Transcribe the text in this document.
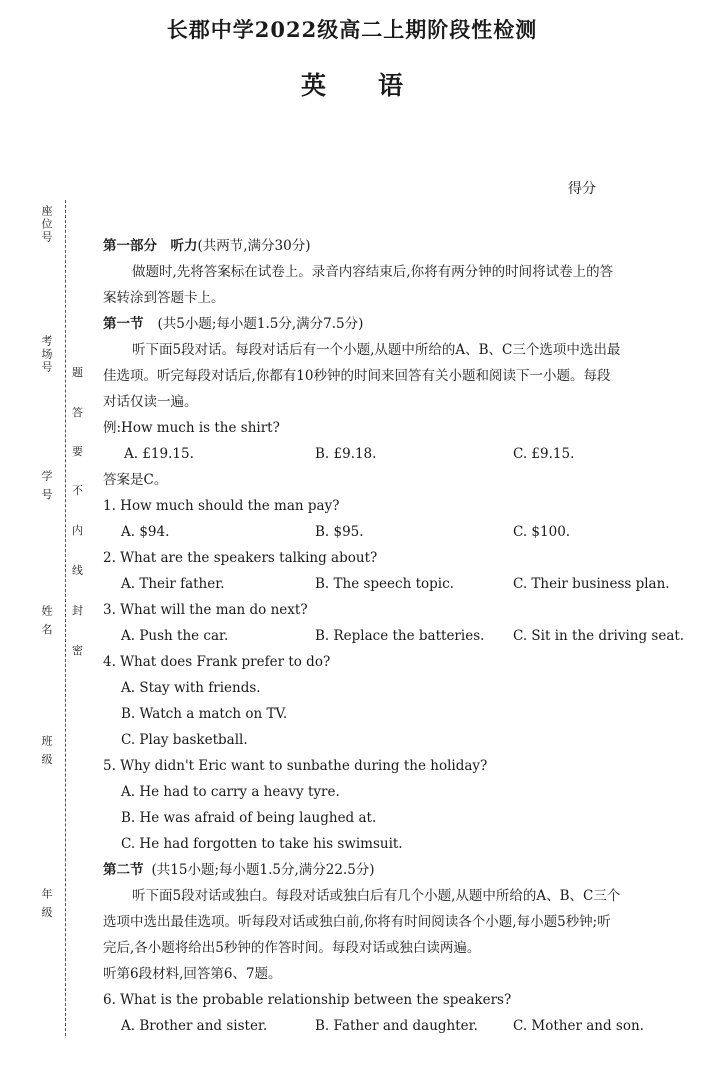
长郡中学2022级高二上期阶段性检测
英 语
得分
座位号
考场号
学 号
姓 名
班 级
年 级
题
答
要
不
内
线
封
密
第一部分　听力(共两节,满分30分)
做题时,先将答案标在试卷上。录音内容结束后,你将有两分钟的时间将试卷上的答
案转涂到答题卡上。
第一节 (共5小题;每小题1.5分,满分7.5分)
听下面5段对话。每段对话后有一个小题,从题中所给的A、B、C三个选项中选出最
佳选项。听完每段对话后,你都有10秒钟的时间来回答有关小题和阅读下一小题。每段
对话仅读一遍。
例:How much is the shirt?
A. £19.15.	B. £9.18.	C. £9.15.
答案是C。
1. How much should the man pay?
A. $94.	B. $95.	C. $100.
2. What are the speakers talking about?
A. Their father.	B. The speech topic.	C. Their business plan.
3. What will the man do next?
A. Push the car.	B. Replace the batteries. C. Sit in the driving seat.
4. What does Frank prefer to do?
A. Stay with friends.
B. Watch a match on TV.
C. Play basketball.
5. Why didn't Eric want to sunbathe during the holiday?
A. He had to carry a heavy tyre.
B. He was afraid of being laughed at.
C. He had forgotten to take his swimsuit.
第二节 (共15小题;每小题1.5分,满分22.5分)
听下面5段对话或独白。每段对话或独白后有几个小题,从题中所给的A、B、C三个
选项中选出最佳选项。听每段对话或独白前,你将有时间阅读各个小题,每小题5秒钟;听
完后,各小题将给出5秒钟的作答时间。每段对话或独白读两遍。
听第6段材料,回答第6、7题。
6. What is the probable relationship between the speakers?
A. Brother and sister.	B. Father and daughter.	C. Mother and son.
